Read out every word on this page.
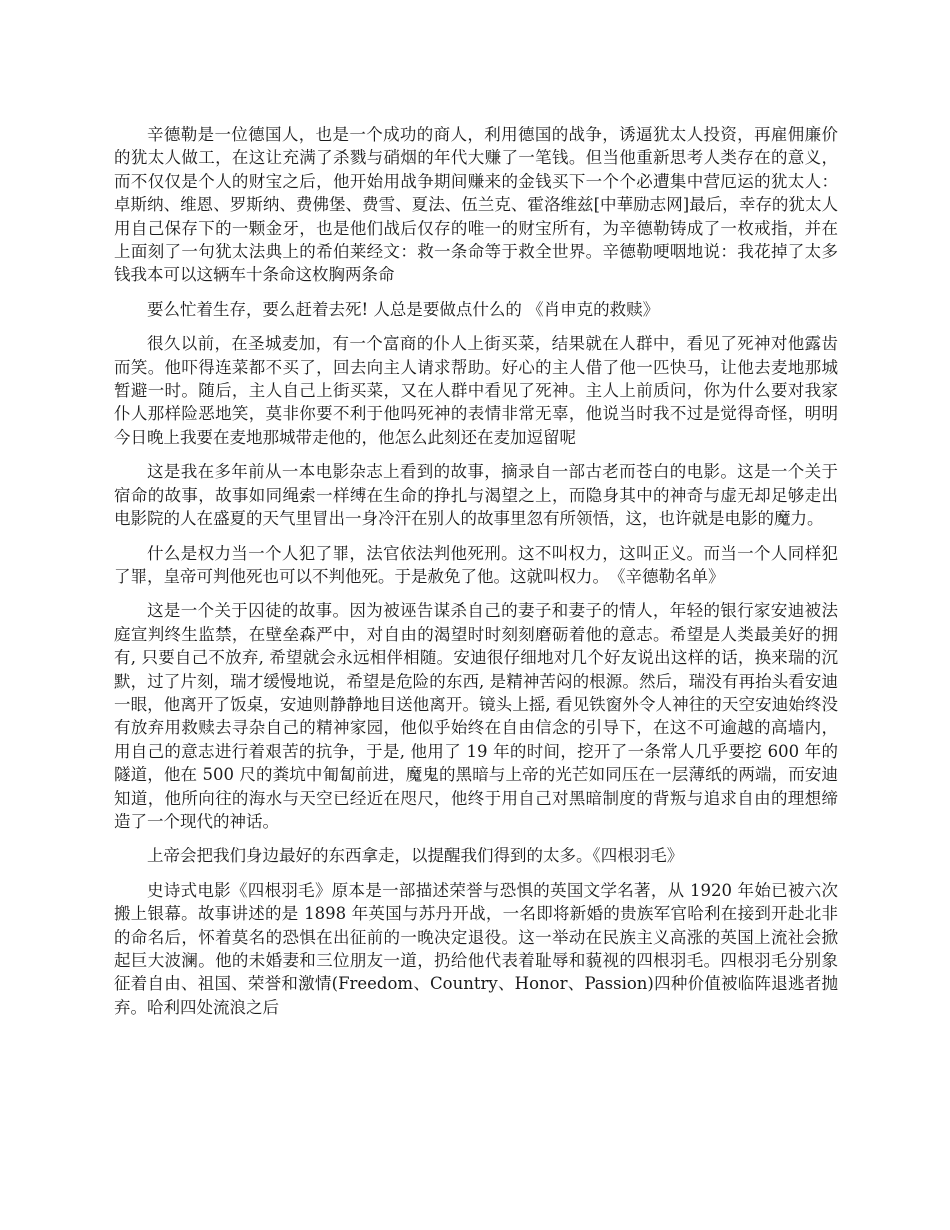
辛德勒是一位德国人，也是一个成功的商人，利用德国的战争，诱逼犹太人投资，再雇佣廉价的犹太人做工，在这让充满了杀戮与硝烟的年代大赚了一笔钱。但当他重新思考人类存在的意义，而不仅仅是个人的财宝之后，他开始用战争期间赚来的金钱买下一个个必遭集中营厄运的犹太人：卓斯纳、维恩、罗斯纳、费佛堡、费雪、夏法、伍兰克、霍洛维兹[中華励志网]最后，幸存的犹太人用自己保存下的一颗金牙，也是他们战后仅存的唯一的财宝所有，为辛德勒铸成了一枚戒指，并在上面刻了一句犹太法典上的希伯莱经文：救一条命等于救全世界。辛德勒哽咽地说：我花掉了太多钱我本可以这辆车十条命这枚胸两条命

要么忙着生存，要么赶着去死! 人总是要做点什么的 《肖申克的救赎》

很久以前，在圣城麦加，有一个富商的仆人上街买菜，结果就在人群中，看见了死神对他露齿而笑。他吓得连菜都不买了，回去向主人请求帮助。好心的主人借了他一匹快马，让他去麦地那城暂避一时。随后，主人自己上街买菜，又在人群中看见了死神。主人上前质问，你为什么要对我家仆人那样险恶地笑，莫非你要不利于他吗死神的表情非常无辜，他说当时我不过是觉得奇怪，明明今日晚上我要在麦地那城带走他的，他怎么此刻还在麦加逗留呢

这是我在多年前从一本电影杂志上看到的故事，摘录自一部古老而苍白的电影。这是一个关于宿命的故事，故事如同绳索一样缚在生命的挣扎与渴望之上，而隐身其中的神奇与虚无却足够走出电影院的人在盛夏的天气里冒出一身冷汗在别人的故事里忽有所领悟，这，也许就是电影的魔力。

什么是权力当一个人犯了罪，法官依法判他死刑。这不叫权力，这叫正义。而当一个人同样犯了罪，皇帝可判他死也可以不判他死。于是赦免了他。这就叫权力。　《辛德勒名单》

这是一个关于囚徒的故事。因为被诬告谋杀自己的妻子和妻子的情人，年轻的银行家安迪被法庭宣判终生监禁，在壁垒森严中，对自由的渴望时时刻刻磨砺着他的意志。希望是人类最美好的拥有, 只要自己不放弃, 希望就会永远相伴相随。安迪很仔细地对几个好友说出这样的话，换来瑞的沉默，过了片刻，瑞才缓慢地说，希望是危险的东西, 是精神苦闷的根源。然后，瑞没有再抬头看安迪一眼，他离开了饭桌，安迪则静静地目送他离开。镜头上摇, 看见铁窗外令人神往的天空安迪始终没有放弃用救赎去寻杂自己的精神家园，他似乎始终在自由信念的引导下，在这不可逾越的高墙内，用自己的意志进行着艰苦的抗争，于是, 他用了 19 年的时间，挖开了一条常人几乎要挖 600 年的隧道，他在 500 尺的粪坑中匍匐前进，魔鬼的黑暗与上帝的光芒如同压在一层薄纸的两端，而安迪知道，他所向往的海水与天空已经近在咫尺，他终于用自己对黑暗制度的背叛与追求自由的理想缔造了一个现代的神话。

上帝会把我们身边最好的东西拿走，以提醒我们得到的太多。《四根羽毛》

史诗式电影《四根羽毛》原本是一部描述荣誉与恐惧的英国文学名著，从 1920 年始已被六次搬上银幕。故事讲述的是 1898 年英国与苏丹开战，一名即将新婚的贵族军官哈利在接到开赴北非的命名后，怀着莫名的恐惧在出征前的一晚决定退役。这一举动在民族主义高涨的英国上流社会掀起巨大波澜。他的未婚妻和三位朋友一道，扔给他代表着耻辱和藐视的四根羽毛。四根羽毛分别象征着自由、祖国、荣誉和激情(Freedom、Country、Honor、Passion)四种价值被临阵退逃者抛弃。哈利四处流浪之后
